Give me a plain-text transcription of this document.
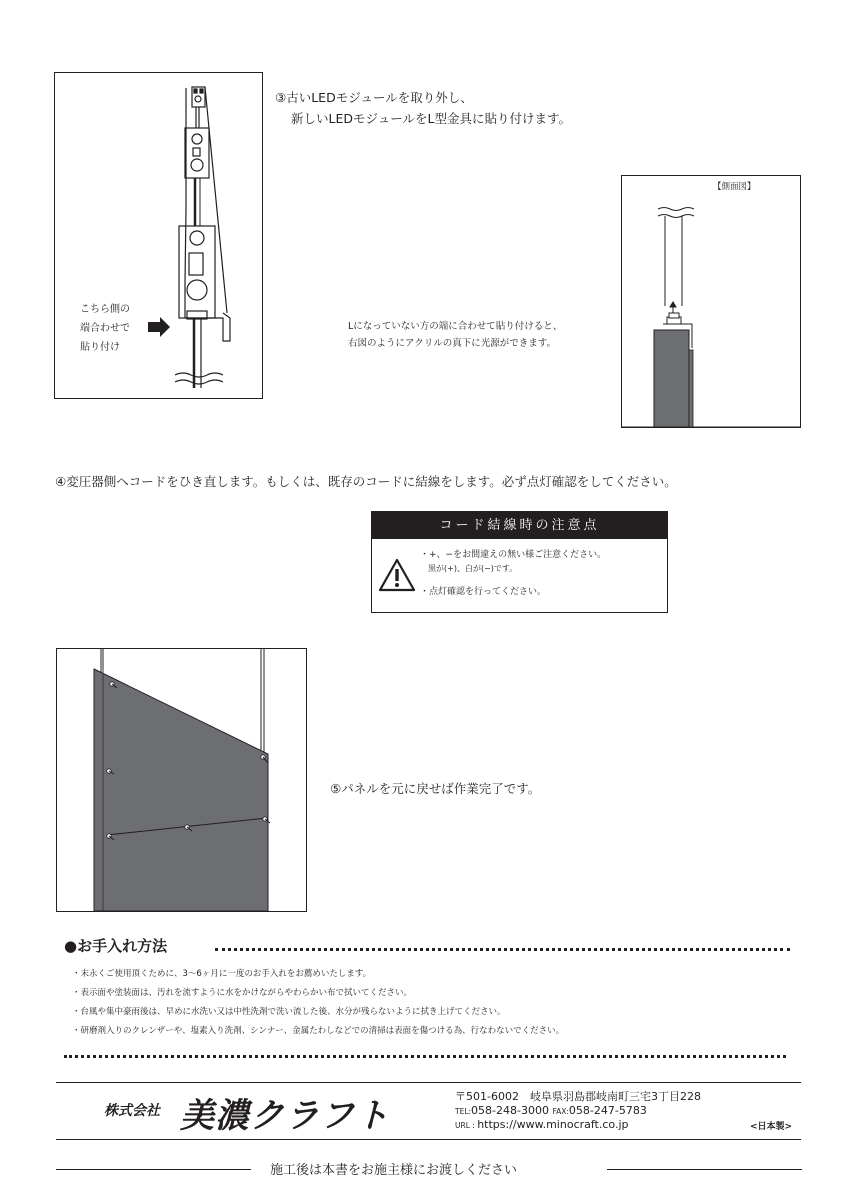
こちら側の
端合わせで
貼り付け
③古いLEDモジュールを取り外し、
新しいLEDモジュールをL型金具に貼り付けます。
Lになっていない方の端に合わせて貼り付けると、
右図のようにアクリルの真下に光源ができます。
【側面図】
④変圧器側へコードをひき直します。もしくは、既存のコードに結線をします。必ず点灯確認をしてください。
コード結線時の注意点
・+、−をお間違えの無い様ご注意ください。
黒が(+)、白が(−)です。
・点灯確認を行ってください。
⑤パネルを元に戻せば作業完了です。
●お手入れ方法
・末永くご使用頂くために、3〜6ヶ月に一度のお手入れをお薦めいたします。
・表示面や塗装面は、汚れを流すように水をかけながらやわらかい布で拭いてください。
・台風や集中豪雨後は、早めに水洗い又は中性洗剤で洗い流した後、水分が残らないように拭き上げてください。
・研磨剤入りのクレンザーや、塩素入り洗剤、シンナー、金属たわしなどでの清掃は表面を傷つける為、行なわないでください。
株式会社 美濃クラフト	〒501-6002　岐阜県羽島郡岐南町三宅3丁目228
TEL:058-248-3000 FAX:058-247-5783
URL : https://www.minocraft.co.jp	<日本製>
施工後は本書をお施主様にお渡しください
